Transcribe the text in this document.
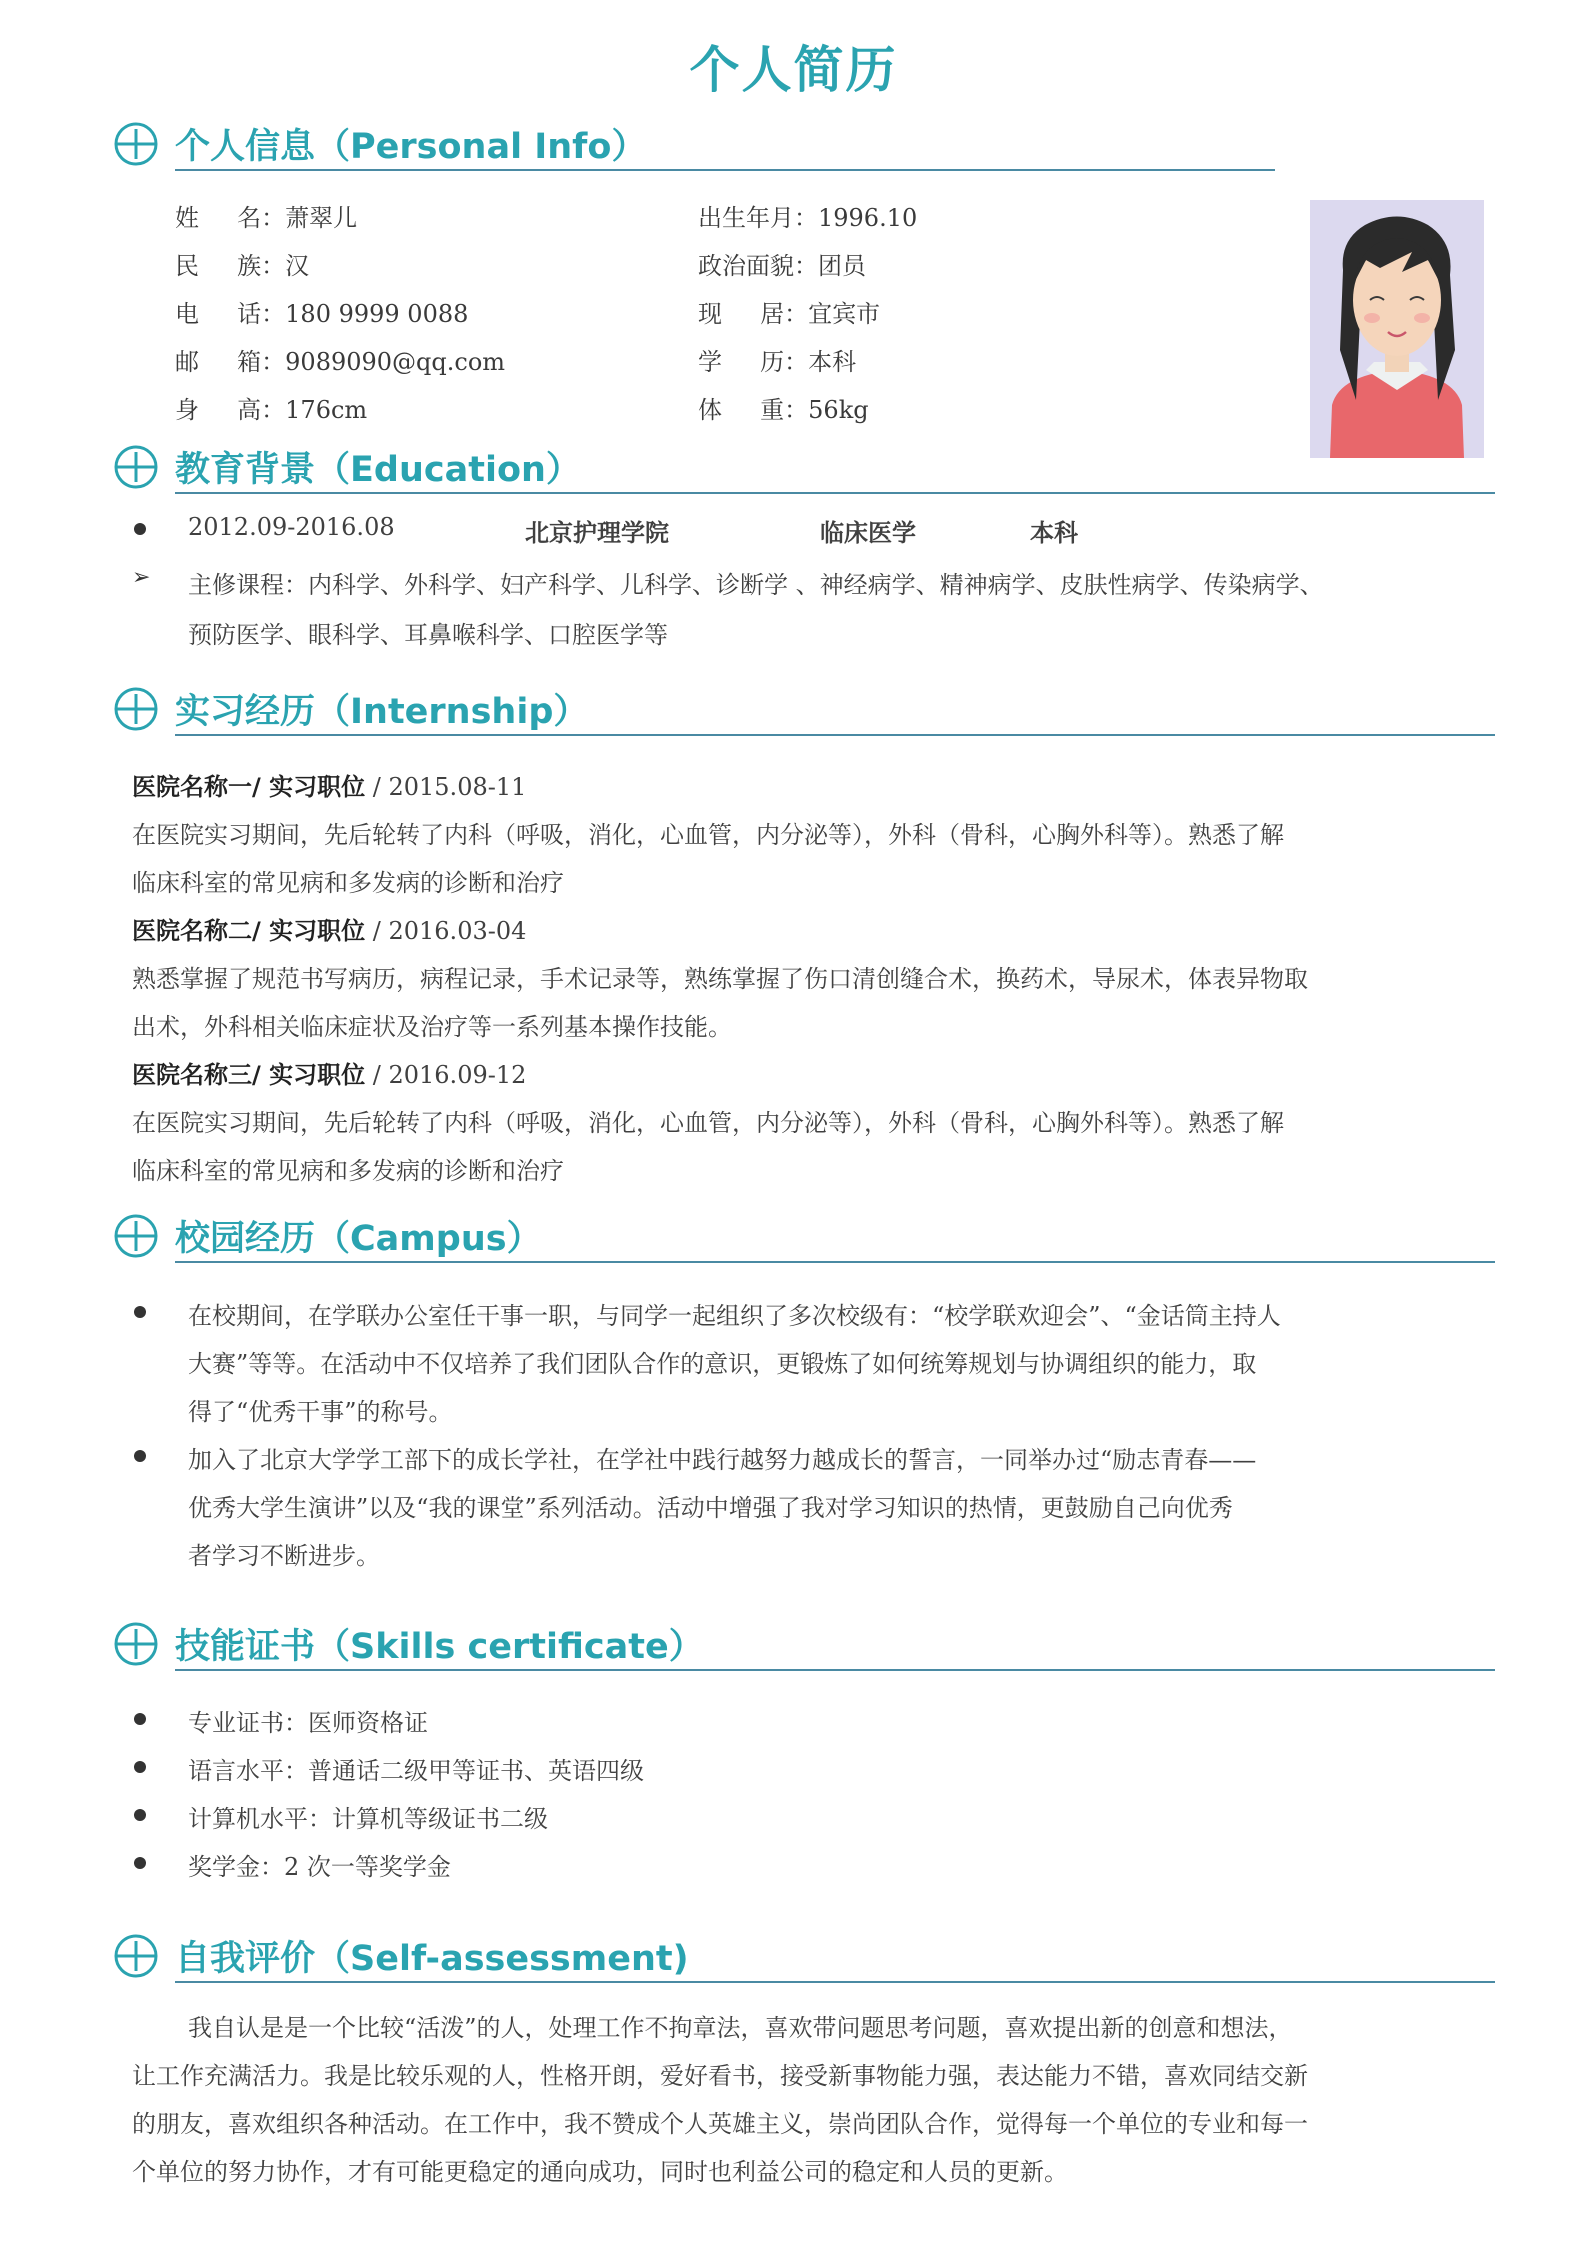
个人简历
个人信息（Personal Info）
姓     名：萧翠儿	出生年月：1996.10
民     族：汉	政治面貌：团员
电     话：180 9999 0088	现     居：宜宾市
邮     箱：9089090@qq.com	学     历：本科
身     高：176cm	体     重：56kg
教育背景（Education）
2012.09-2016.08	北京护理学院	临床医学	本科
➢ 主修课程：内科学、外科学、妇产科学、儿科学、诊断学 、神经病学、精神病学、皮肤性病学、传染病学、
预防医学、眼科学、耳鼻喉科学、口腔医学等
实习经历（Internship）
医院名称一/ 实习职位 / 2015.08-11
在医院实习期间，先后轮转了内科（呼吸，消化，心血管，内分泌等），外科（骨科，心胸外科等）。熟悉了解
临床科室的常见病和多发病的诊断和治疗
医院名称二/ 实习职位 / 2016.03-04
熟悉掌握了规范书写病历，病程记录，手术记录等，熟练掌握了伤口清创缝合术，换药术，导尿术，体表异物取
出术，外科相关临床症状及治疗等一系列基本操作技能。
医院名称三/ 实习职位 / 2016.09-12
在医院实习期间，先后轮转了内科（呼吸，消化，心血管，内分泌等），外科（骨科，心胸外科等）。熟悉了解
临床科室的常见病和多发病的诊断和治疗
校园经历（Campus）
在校期间，在学联办公室任干事一职，与同学一起组织了多次校级有：“校学联欢迎会”、“金话筒主持人
大赛”等等。在活动中不仅培养了我们团队合作的意识，更锻炼了如何统筹规划与协调组织的能力，取
得了“优秀干事”的称号。
加入了北京大学学工部下的成长学社，在学社中践行越努力越成长的誓言，一同举办过“励志青春——
优秀大学生演讲”以及“我的课堂”系列活动。活动中增强了我对学习知识的热情，更鼓励自己向优秀
者学习不断进步。
技能证书（Skills certificate）
专业证书：医师资格证
语言水平：普通话二级甲等证书、英语四级
计算机水平：计算机等级证书二级
奖学金：2 次一等奖学金
自我评价（Self-assessment)
我自认是是一个比较“活泼”的人，处理工作不拘章法，喜欢带问题思考问题，喜欢提出新的创意和想法，
让工作充满活力。我是比较乐观的人，性格开朗，爱好看书，接受新事物能力强，表达能力不错，喜欢同结交新
的朋友，喜欢组织各种活动。在工作中，我不赞成个人英雄主义，崇尚团队合作，觉得每一个单位的专业和每一
个单位的努力协作，才有可能更稳定的通向成功，同时也利益公司的稳定和人员的更新。
